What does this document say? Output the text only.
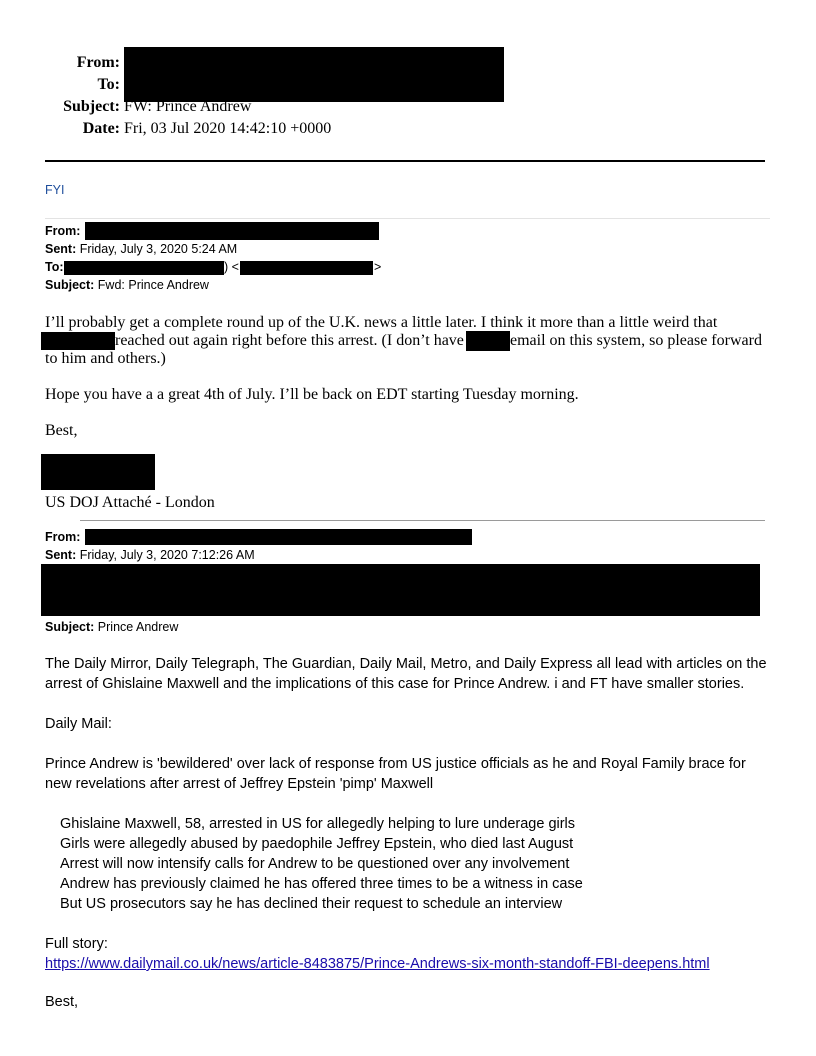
From:
To:
Subject: FW: Prince Andrew
Date: Fri, 03 Jul 2020 14:42:10 +0000
FYI
From:
Sent: Friday, July 3, 2020 5:24 AM
To:	) <	>
Subject: Fwd: Prince Andrew
I’ll probably get a complete round up of the U.K. news a little later. I think it more than a little weird that
reached out again right before this arrest. (I don’t have	email on this system, so please forward
to him and others.)
Hope you have a a great 4th of July. I’ll be back on EDT starting Tuesday morning.
Best,
US DOJ Attaché - London
From:
Sent: Friday, July 3, 2020 7:12:26 AM
Subject: Prince Andrew
The Daily Mirror, Daily Telegraph, The Guardian, Daily Mail, Metro, and Daily Express all lead with articles on the
arrest of Ghislaine Maxwell and the implications of this case for Prince Andrew. i and FT have smaller stories.
Daily Mail:
Prince Andrew is 'bewildered' over lack of response from US justice officials as he and Royal Family brace for
new revelations after arrest of Jeffrey Epstein 'pimp' Maxwell
Ghislaine Maxwell, 58, arrested in US for allegedly helping to lure underage girls
Girls were allegedly abused by paedophile Jeffrey Epstein, who died last August
Arrest will now intensify calls for Andrew to be questioned over any involvement
Andrew has previously claimed he has offered three times to be a witness in case
But US prosecutors say he has declined their request to schedule an interview
Full story:
https://www.dailymail.co.uk/news/article-8483875/Prince-Andrews-six-month-standoff-FBI-deepens.html
Best,
